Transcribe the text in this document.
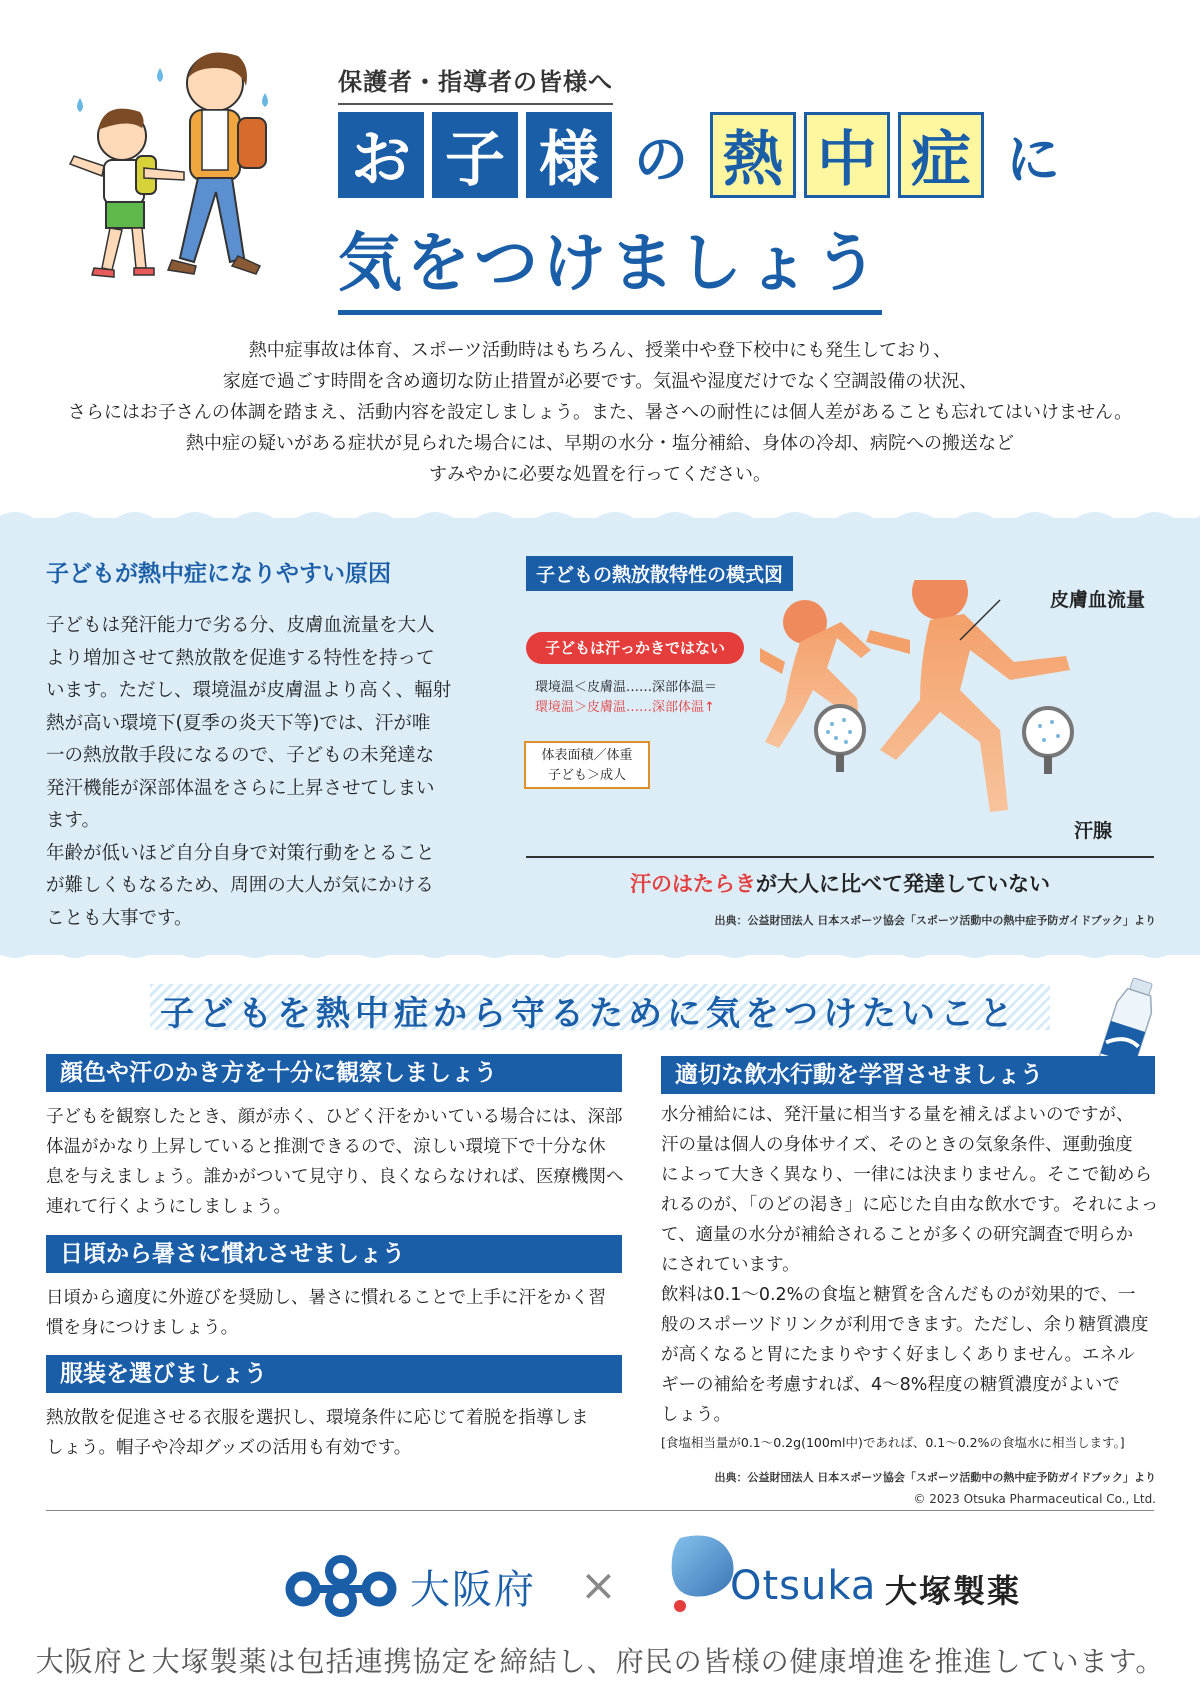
保護者・指導者の皆様へ
お 子 様 の 熱 中 症 に
気をつけましょう
熱中症事故は体育、スポーツ活動時はもちろん、授業中や登下校中にも発生しており、
家庭で過ごす時間を含め適切な防止措置が必要です。気温や湿度だけでなく空調設備の状況、
さらにはお子さんの体調を踏まえ、活動内容を設定しましょう。また、暑さへの耐性には個人差があることも忘れてはいけません。
熱中症の疑いがある症状が見られた場合には、早期の水分・塩分補給、身体の冷却、病院への搬送など
すみやかに必要な処置を行ってください。
子どもが熱中症になりやすい原因
子どもは発汗能力で劣る分、皮膚血流量を大人
より増加させて熱放散を促進する特性を持って
います。ただし、環境温が皮膚温より高く、輻射
熱が高い環境下(夏季の炎天下等)では、汗が唯
一の熱放散手段になるので、子どもの未発達な
発汗機能が深部体温をさらに上昇させてしまい
ます。
年齢が低いほど自分自身で対策行動をとること
が難しくもなるため、周囲の大人が気にかける
ことも大事です。
子どもの熱放散特性の模式図
子どもは汗っかきではない
環境温＜皮膚温……深部体温＝
環境温＞皮膚温……深部体温↑
体表面積／体重
子ども＞成人
皮膚血流量
汗腺
汗のはたらきが大人に比べて発達していない
出典：公益財団法人 日本スポーツ協会「スポーツ活動中の熱中症予防ガイドブック」より
子どもを熱中症から守るために気をつけたいこと
顔色や汗のかき方を十分に観察しましょう
子どもを観察したとき、顔が赤く、ひどく汗をかいている場合には、深部
体温がかなり上昇していると推測できるので、涼しい環境下で十分な休
息を与えましょう。誰かがついて見守り、良くならなければ、医療機関へ
連れて行くようにしましょう。
日頃から暑さに慣れさせましょう
日頃から適度に外遊びを奨励し、暑さに慣れることで上手に汗をかく習
慣を身につけましょう。
服装を選びましょう
熱放散を促進させる衣服を選択し、環境条件に応じて着脱を指導しま
しょう。帽子や冷却グッズの活用も有効です。
適切な飲水行動を学習させましょう
水分補給には、発汗量に相当する量を補えばよいのですが、
汗の量は個人の身体サイズ、そのときの気象条件、運動強度
によって大きく異なり、一律には決まりません。そこで勧めら
れるのが、「のどの渇き」に応じた自由な飲水です。それによっ
て、適量の水分が補給されることが多くの研究調査で明らか
にされています。
飲料は0.1～0.2%の食塩と糖質を含んだものが効果的で、一
般のスポーツドリンクが利用できます。ただし、余り糖質濃度
が高くなると胃にたまりやすく好ましくありません。エネル
ギーの補給を考慮すれば、4～8%程度の糖質濃度がよいで
しょう。
[食塩相当量が0.1～0.2g(100ml中)であれば、0.1～0.2%の食塩水に相当します。]
出典：公益財団法人 日本スポーツ協会「スポーツ活動中の熱中症予防ガイドブック」より
© 2023 Otsuka Pharmaceutical Co., Ltd.
大阪府 ×	Otsuka 大塚製薬
大阪府と大塚製薬は包括連携協定を締結し、府民の皆様の健康増進を推進しています。
